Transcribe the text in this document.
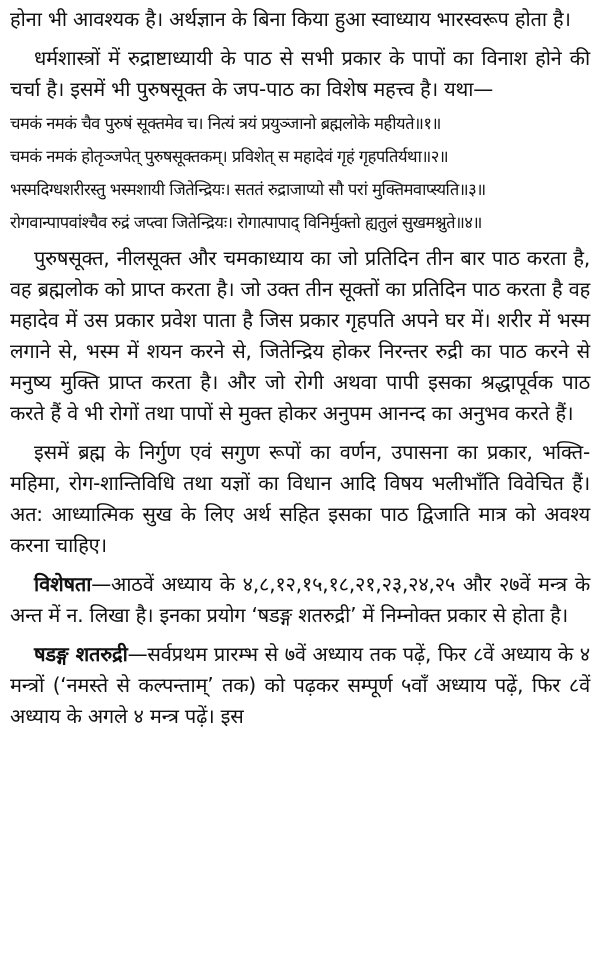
होना भी आवश्यक है। अर्थज्ञान के बिना किया हुआ स्वाध्याय भारस्वरूप होता है।

धर्मशास्त्रों में रुद्राष्टाध्यायी के पाठ से सभी प्रकार के पापों का विनाश होने की चर्चा है। इसमें भी पुरुषसूक्त के जप-पाठ का विशेष महत्त्व है। यथा—

चमकं नमकं चैव पुरुषं सूक्तमेव च। नित्यं त्रयं प्रयुञ्जानो ब्रह्मलोके महीयते॥१॥

चमकं नमकं होतृञ्जपेत् पुरुषसूक्तकम्। प्रविशेत् स महादेवं गृहं गृहपतिर्यथा॥२॥

भस्मदिग्धशरीरस्तु भस्मशायी जितेन्द्रियः। सततं रुद्राजाप्यो सौ परां मुक्तिमवाप्स्यति॥३॥

रोगवान्पापवांश्चैव रुद्रं जप्त्वा जितेन्द्रियः। रोगात्पापाद् विनिर्मुक्तो ह्यतुलं सुखमश्नुते॥४॥

पुरुषसूक्त, नीलसूक्त और चमकाध्याय का जो प्रतिदिन तीन बार पाठ करता है, वह ब्रह्मलोक को प्राप्त करता है। जो उक्त तीन सूक्तों का प्रतिदिन पाठ करता है वह महादेव में उस प्रकार प्रवेश पाता है जिस प्रकार गृहपति अपने घर में। शरीर में भस्म लगाने से, भस्म में शयन करने से, जितेन्द्रिय होकर निरन्तर रुद्री का पाठ करने से मनुष्य मुक्ति प्राप्त करता है। और जो रोगी अथवा पापी इसका श्रद्धापूर्वक पाठ करते हैं वे भी रोगों तथा पापों से मुक्त होकर अनुपम आनन्द का अनुभव करते हैं।

इसमें ब्रह्म के निर्गुण एवं सगुण रूपों का वर्णन, उपासना का प्रकार, भक्ति-महिमा, रोग-शान्तिविधि तथा यज्ञों का विधान आदि विषय भलीभाँति विवेचित हैं। अत: आध्यात्मिक सुख के लिए अर्थ सहित इसका पाठ द्विजाति मात्र को अवश्य करना चाहिए।

विशेषता—आठवें अध्याय के ४,८,१२,१५,१८,२१,२३,२४,२५ और २७वें मन्त्र के अन्त में न. लिखा है। इनका प्रयोग ‘षडङ्ग शतरुद्री’ में निम्नोक्त प्रकार से होता है।

षडङ्ग शतरुद्री—सर्वप्रथम प्रारम्भ से ७वें अध्याय तक पढ़ें, फिर ८वें अध्याय के ४ मन्त्रों (‘नमस्ते से कल्पन्ताम्’ तक) को पढ़कर सम्पूर्ण ५वाँ अध्याय पढ़ें, फिर ८वें अध्याय के अगले ४ मन्त्र पढ़ें। इस
